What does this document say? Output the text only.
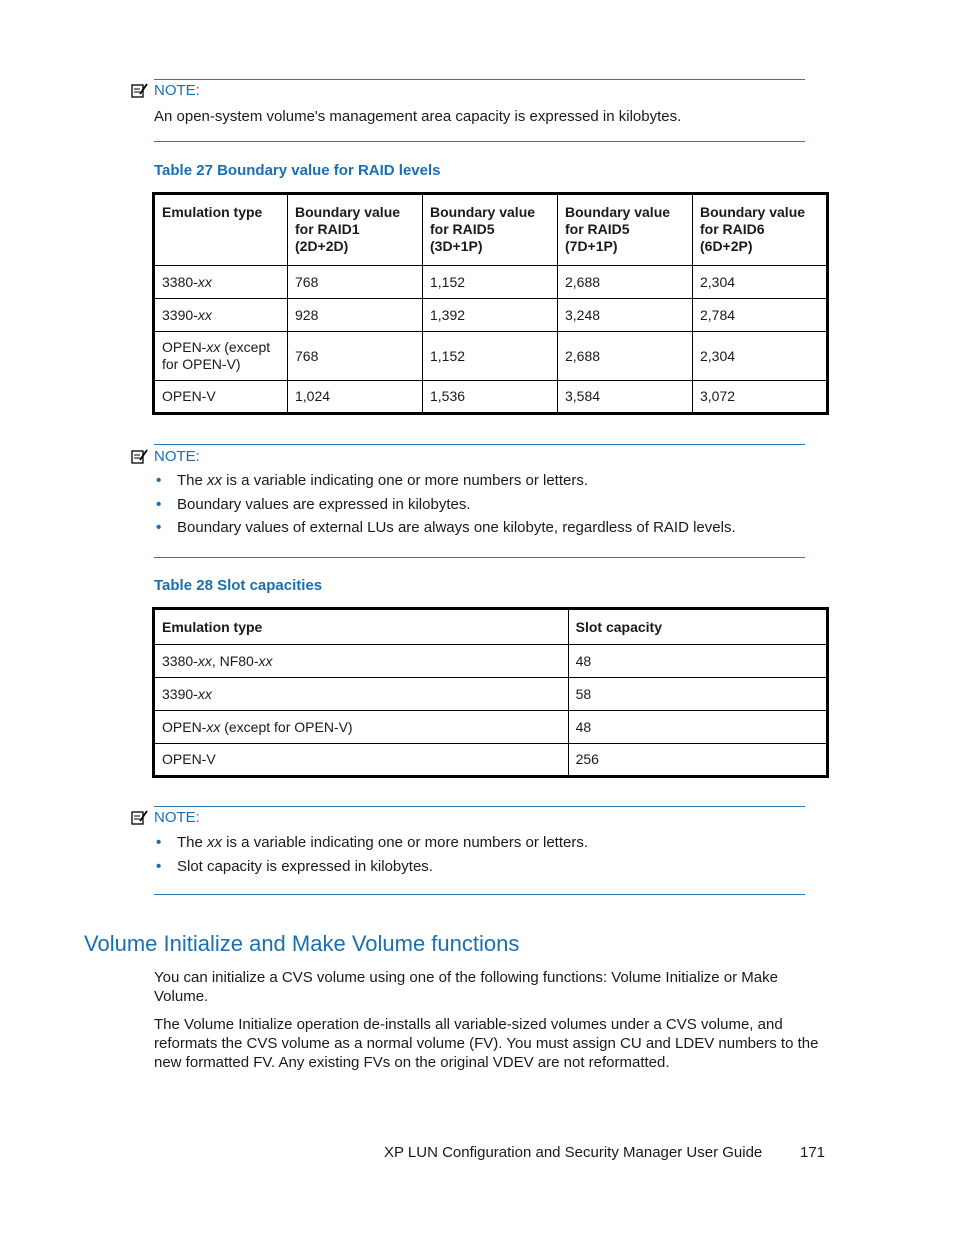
NOTE:
An open-system volume's management area capacity is expressed in kilobytes.
Table 27 Boundary value for RAID levels
Emulation type	Boundary value for RAID1 (2D+2D)	Boundary value for RAID5 (3D+1P)	Boundary value for RAID5 (7D+1P)	Boundary value for RAID6 (6D+2P)
3380-xx	768	1,152	2,688	2,304
3390-xx	928	1,392	3,248	2,784
OPEN-xx (except for OPEN-V)	768	1,152	2,688	2,304
OPEN-V	1,024	1,536	3,584	3,072
NOTE:
• The xx is a variable indicating one or more numbers or letters.
• Boundary values are expressed in kilobytes.
• Boundary values of external LUs are always one kilobyte, regardless of RAID levels.
Table 28 Slot capacities
Emulation type	Slot capacity
3380-xx, NF80-xx	48
3390-xx	58
OPEN-xx (except for OPEN-V)	48
OPEN-V	256
NOTE:
• The xx is a variable indicating one or more numbers or letters.
• Slot capacity is expressed in kilobytes.
Volume Initialize and Make Volume functions
You can initialize a CVS volume using one of the following functions: Volume Initialize or Make Volume.
The Volume Initialize operation de-installs all variable-sized volumes under a CVS volume, and reformats the CVS volume as a normal volume (FV). You must assign CU and LDEV numbers to the new formatted FV. Any existing FVs on the original VDEV are not reformatted.
XP LUN Configuration and Security Manager User Guide	171
